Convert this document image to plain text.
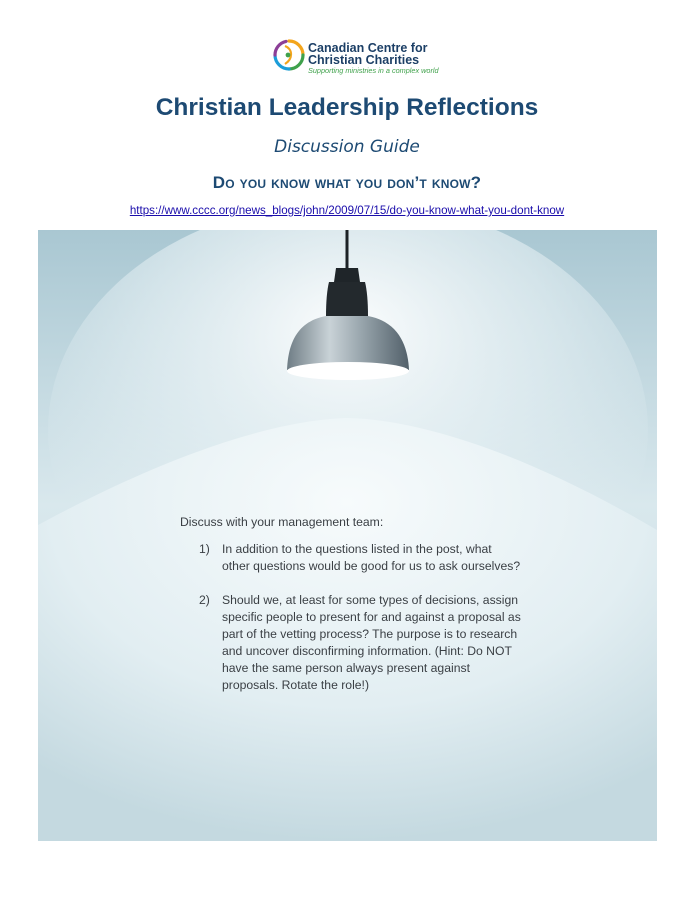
Canadian Centre for
Christian Charities
Supporting ministries in a complex world
Christian Leadership Reflections
Discussion Guide
Do you know what you don’t know?
https://www.cccc.org/news_blogs/john/2009/07/15/do-you-know-what-you-dont-know

Discuss with your management team:

1) In addition to the questions listed in the post, what other questions would be good for us to ask ourselves?
2) Should we, at least for some types of decisions, assign specific people to present for and against a proposal as part of the vetting process? The purpose is to research and uncover disconfirming information. (Hint: Do NOT have the same person always present against proposals. Rotate the role!)
